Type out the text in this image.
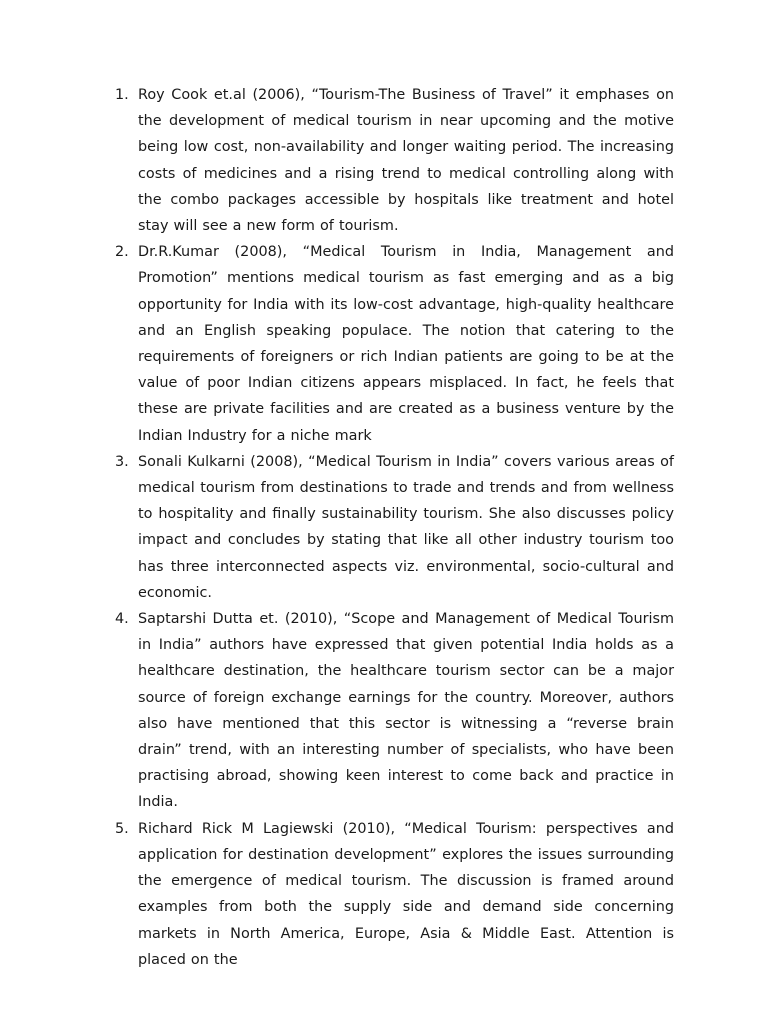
1. Roy Cook et.al (2006), “Tourism-The Business of Travel” it emphases on the development of medical tourism in near upcoming and the motive being low cost, non-availability and longer waiting period. The increasing costs of medicines and a rising trend to medical controlling along with the combo packages accessible by hospitals like treatment and hotel stay will see a new form of tourism.
2. Dr.R.Kumar (2008), “Medical Tourism in India, Management and Promotion” mentions medical tourism as fast emerging and as a big opportunity for India with its low-cost advantage, high-quality healthcare and an English speaking populace. The notion that catering to the requirements of foreigners or rich Indian patients are going to be at the value of poor Indian citizens appears misplaced. In fact, he feels that these are private facilities and are created as a business venture by the Indian Industry for a niche mark
3. Sonali Kulkarni (2008), “Medical Tourism in India” covers various areas of medical tourism from destinations to trade and trends and from wellness to hospitality and finally sustainability tourism. She also discusses policy impact and concludes by stating that like all other industry tourism too has three interconnected aspects viz. environmental, socio-cultural and economic.
4. Saptarshi Dutta et. (2010), “Scope and Management of Medical Tourism in India” authors have expressed that given potential India holds as a healthcare destination, the healthcare tourism sector can be a major source of foreign exchange earnings for the country. Moreover, authors also have mentioned that this sector is witnessing a “reverse brain drain” trend, with an interesting number of specialists, who have been practising abroad, showing keen interest to come back and practice in India.
5. Richard Rick M Lagiewski (2010), “Medical Tourism: perspectives and application for destination development” explores the issues surrounding the emergence of medical tourism. The discussion is framed around examples from both the supply side and demand side concerning markets in North America, Europe, Asia & Middle East. Attention is placed on the
